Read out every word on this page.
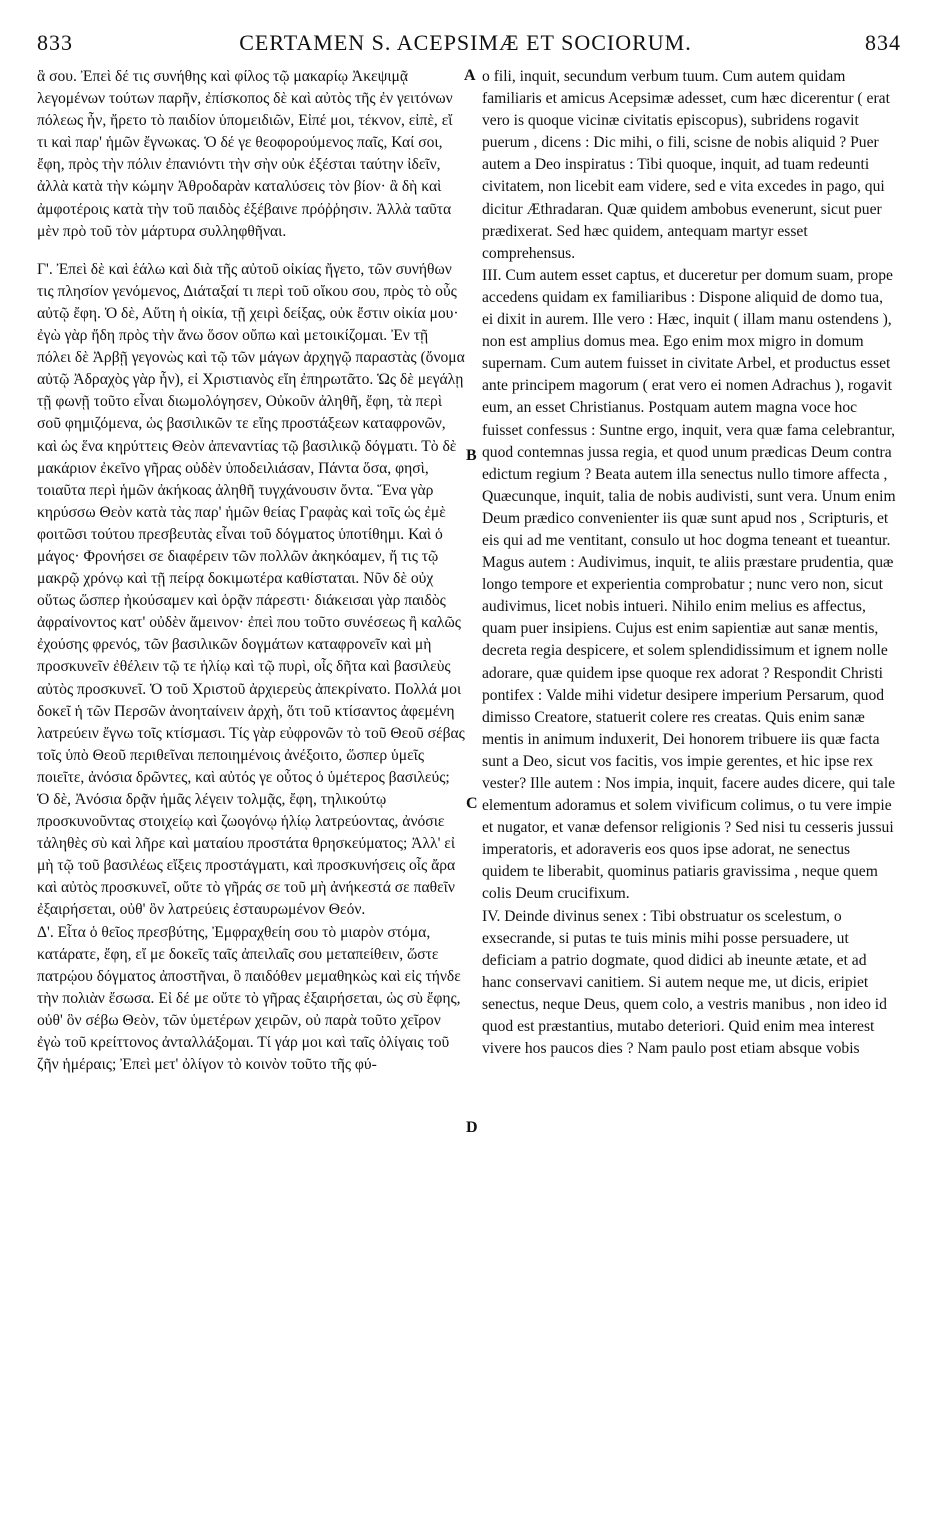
833	CERTAMEN S. ACEPSIMÆ ET SOCIORUM.	834

ἃ σου. Ἐπεὶ δέ τις συνήθης καὶ φίλος τῷ μακαρίῳ Ἀκεψιμᾷ λεγομένων τούτων παρῆν, ἐπίσκοπος δὲ καὶ αὐτὸς τῆς ἐν γειτόνων πόλεως ἦν, ἤρετο τὸ παιδίον ὑπομειδιῶν, Εἰπέ μοι, τέκνον, εἰπὲ, εἴ τι καὶ παρ' ἡμῶν ἔγνωκας. Ὁ δέ γε θεοφορούμενος παῖς, Καί σοι, ἔφη, πρὸς τὴν πόλιν ἐπανιόντι τὴν σὴν οὐκ ἐξέσται ταύτην ἰδεῖν, ἀλλὰ κατὰ τὴν κώμην Ἀθροδαρὰν καταλύσεις τὸν βίον· ἃ δὴ καὶ ἀμφοτέροις κατὰ τὴν τοῦ παιδὸς ἐξέβαινε πρόῤῥησιν. Ἀλλὰ ταῦτα μὲν πρὸ τοῦ τὸν μάρτυρα συλληφθῆναι.

Γ'. Ἐπεὶ δὲ καὶ ἑάλω καὶ διὰ τῆς αὐτοῦ οἰκίας ἤγετο, τῶν συνήθων τις πλησίον γενόμενος, Διάταξαί τι περὶ τοῦ οἴκου σου, πρὸς τὸ οὖς αὐτῷ ἔφη. Ὁ δὲ, Αὕτη ἡ οἰκία, τῇ χειρὶ δείξας, οὐκ ἔστιν οἰκία μου· ἐγὼ γὰρ ἤδη πρὸς τὴν ἄνω ὅσον οὔπω καὶ μετοικίζομαι. Ἐν τῇ πόλει δὲ Ἀρβῇ γεγονὼς καὶ τῷ τῶν μάγων ἀρχηγῷ παραστὰς (ὄνομα αὐτῷ Ἀδραχὸς γὰρ ἦν), εἰ Χριστιανὸς εἴη ἐπηρωτᾶτο. Ὡς δὲ μεγάλῃ τῇ φωνῇ τοῦτο εἶναι διωμολόγησεν, Οὐκοῦν ἀληθῆ, ἔφη, τὰ περὶ σοῦ φημιζόμενα, ὡς βασιλικῶν τε εἴης προστάξεων καταφρονῶν, καὶ ὡς ἕνα κηρύττεις Θεὸν ἀπεναντίας τῷ βασιλικῷ δόγματι. Τὸ δὲ μακάριον ἐκεῖνο γῆρας οὐδὲν ὑποδειλιάσαν, Πάντα ὅσα, φησὶ, τοιαῦτα περὶ ἡμῶν ἀκήκοας ἀληθῆ τυγχάνουσιν ὄντα. Ἕνα γὰρ κηρύσσω Θεὸν κατὰ τὰς παρ' ἡμῶν θείας Γραφὰς καὶ τοῖς ὡς ἐμὲ φοιτῶσι τούτου πρεσβευτὰς εἶναι τοῦ δόγματος ὑποτίθημι. Καὶ ὁ μάγος· Φρονήσει σε διαφέρειν τῶν πολλῶν ἀκηκόαμεν, ἤ τις τῷ μακρῷ χρόνῳ καὶ τῇ πείρᾳ δοκιμωτέρα καθίσταται. Νῦν δὲ οὐχ οὕτως ὥσπερ ἠκούσαμεν καὶ ὁρᾷν πάρεστι· διάκεισαι γὰρ παιδὸς ἀφραίνοντος κατ' οὐδὲν ἄμεινον· ἐπεὶ που τοῦτο συνέσεως ἢ καλῶς ἐχούσης φρενός, τῶν βασιλικῶν δογμάτων καταφρονεῖν καὶ μὴ προσκυνεῖν ἐθέλειν τῷ τε ἡλίῳ καὶ τῷ πυρὶ, οἷς δῆτα καὶ βασιλεὺς αὐτὸς προσκυνεῖ. Ὁ τοῦ Χριστοῦ ἀρχιερεὺς ἀπεκρίνατο. Πολλά μοι δοκεῖ ἡ τῶν Περσῶν ἀνοηταίνειν ἀρχὴ, ὅτι τοῦ κτίσαντος ἀφεμένη λατρεύειν ἔγνω τοῖς κτίσμασι. Τίς γὰρ εὐφρονῶν τὸ τοῦ Θεοῦ σέβας τοῖς ὑπὸ Θεοῦ περιθεῖναι πεποιημένοις ἀνέξοιτο, ὥσπερ ὑμεῖς ποιεῖτε, ἀνόσια δρῶντες, καὶ αὐτός γε οὗτος ὁ ὑμέτερος βασιλεύς; Ὁ δὲ, Ἀνόσια δρᾷν ἡμᾶς λέγειν τολμᾷς, ἔφη, τηλικούτῳ προσκυνοῦντας στοιχείῳ καὶ ζωογόνῳ ἡλίῳ λατρεύοντας, ἀνόσιε τἀληθὲς σὺ καὶ λῆρε καὶ ματαίου προστάτα θρησκεύματος; Ἀλλ' εἰ μὴ τῷ τοῦ βασιλέως εἴξεις προστάγματι, καὶ προσκυνήσεις οἷς ἄρα καὶ αὐτὸς προσκυνεῖ, οὔτε τὸ γῆράς σε τοῦ μὴ ἀνήκεστά σε παθεῖν ἐξαιρήσεται, οὐθ' ὃν λατρεύεις ἐσταυρωμένον Θεόν.

Δ'. Εἶτα ὁ θεῖος πρεσβύτης, Ἐμφραχθείη σου τὸ μιαρὸν στόμα, κατάρατε, ἔφη, εἴ με δοκεῖς ταῖς ἀπειλαῖς σου μεταπείθειν, ὥστε πατρῴου δόγματος ἀποστῆναι, ὃ παιδόθεν μεμαθηκὼς καὶ εἰς τήνδε τὴν πολιὰν ἔσωσα. Εἰ δέ με οὔτε τὸ γῆρας ἐξαιρήσεται, ὡς σὺ ἔφης, οὐθ' ὃν σέβω Θεὸν, τῶν ὑμετέρων χειρῶν, οὐ παρὰ τοῦτο χεῖρον ἐγὼ τοῦ κρείττονος ἀνταλλάξομαι. Τί γάρ μοι καὶ ταῖς ὀλίγαις τοῦ ζῆν ἡμέραις; Ἐπεὶ μετ' ὀλίγον τὸ κοινὸν τοῦτο τῆς φύ-

A
B
C
D

o fili, inquit, secundum verbum tuum. Cum autem quidam familiaris et amicus Acepsimæ adesset, cum hæc dicerentur ( erat vero is quoque vicinæ civitatis episcopus), subridens rogavit puerum , dicens : Dic mihi, o fili, scisne de nobis aliquid ? Puer autem a Deo inspiratus : Tibi quoque, inquit, ad tuam redeunti civitatem, non licebit eam videre, sed e vita excedes in pago, qui dicitur Æthradaran. Quæ quidem ambobus evenerunt, sicut puer prædixerat. Sed hæc quidem, antequam martyr esset comprehensus.

III. Cum autem esset captus, et duceretur per domum suam, prope accedens quidam ex familiaribus : Dispone aliquid de domo tua, ei dixit in aurem. Ille vero : Hæc, inquit ( illam manu ostendens ), non est amplius domus mea. Ego enim mox migro in domum supernam. Cum autem fuisset in civitate Arbel, et productus esset ante principem magorum ( erat vero ei nomen Adrachus ), rogavit eum, an esset Christianus. Postquam autem magna voce hoc fuisset confessus : Suntne ergo, inquit, vera quæ fama celebrantur, quod contemnas jussa regia, et quod unum prædicas Deum contra edictum regium ? Beata autem illa senectus nullo timore affecta , Quæcunque, inquit, talia de nobis audivisti, sunt vera. Unum enim Deum prædico convenienter iis quæ sunt apud nos , Scripturis, et eis qui ad me ventitant, consulo ut hoc dogma teneant et tueantur. Magus autem : Audivimus, inquit, te aliis præstare prudentia, quæ longo tempore et experientia comprobatur ; nunc vero non, sicut audivimus, licet nobis intueri. Nihilo enim melius es affectus, quam puer insipiens. Cujus est enim sapientiæ aut sanæ mentis, decreta regia despicere, et solem splendidissimum et ignem nolle adorare, quæ quidem ipse quoque rex adorat ? Respondit Christi pontifex : Valde mihi videtur desipere imperium Persarum, quod dimisso Creatore, statuerit colere res creatas. Quis enim sanæ mentis in animum induxerit, Dei honorem tribuere iis quæ facta sunt a Deo, sicut vos facitis, vos impie gerentes, et hic ipse rex vester? Ille autem : Nos impia, inquit, facere audes dicere, qui tale elementum adoramus et solem vivificum colimus, o tu vere impie et nugator, et vanæ defensor religionis ? Sed nisi tu cesseris jussui imperatoris, et adoraveris eos quos ipse adorat, ne senectus quidem te liberabit, quominus patiaris gravissima , neque quem colis Deum crucifixum.

IV. Deinde divinus senex : Tibi obstruatur os scelestum, o exsecrande, si putas te tuis minis mihi posse persuadere, ut deficiam a patrio dogmate, quod didici ab ineunte ætate, et ad hanc conservavi canitiem. Si autem neque me, ut dicis, eripiet senectus, neque Deus, quem colo, a vestris manibus , non ideo id quod est præstantius, mutabo deteriori. Quid enim mea interest vivere hos paucos dies ? Nam paulo post etiam absque vobis
